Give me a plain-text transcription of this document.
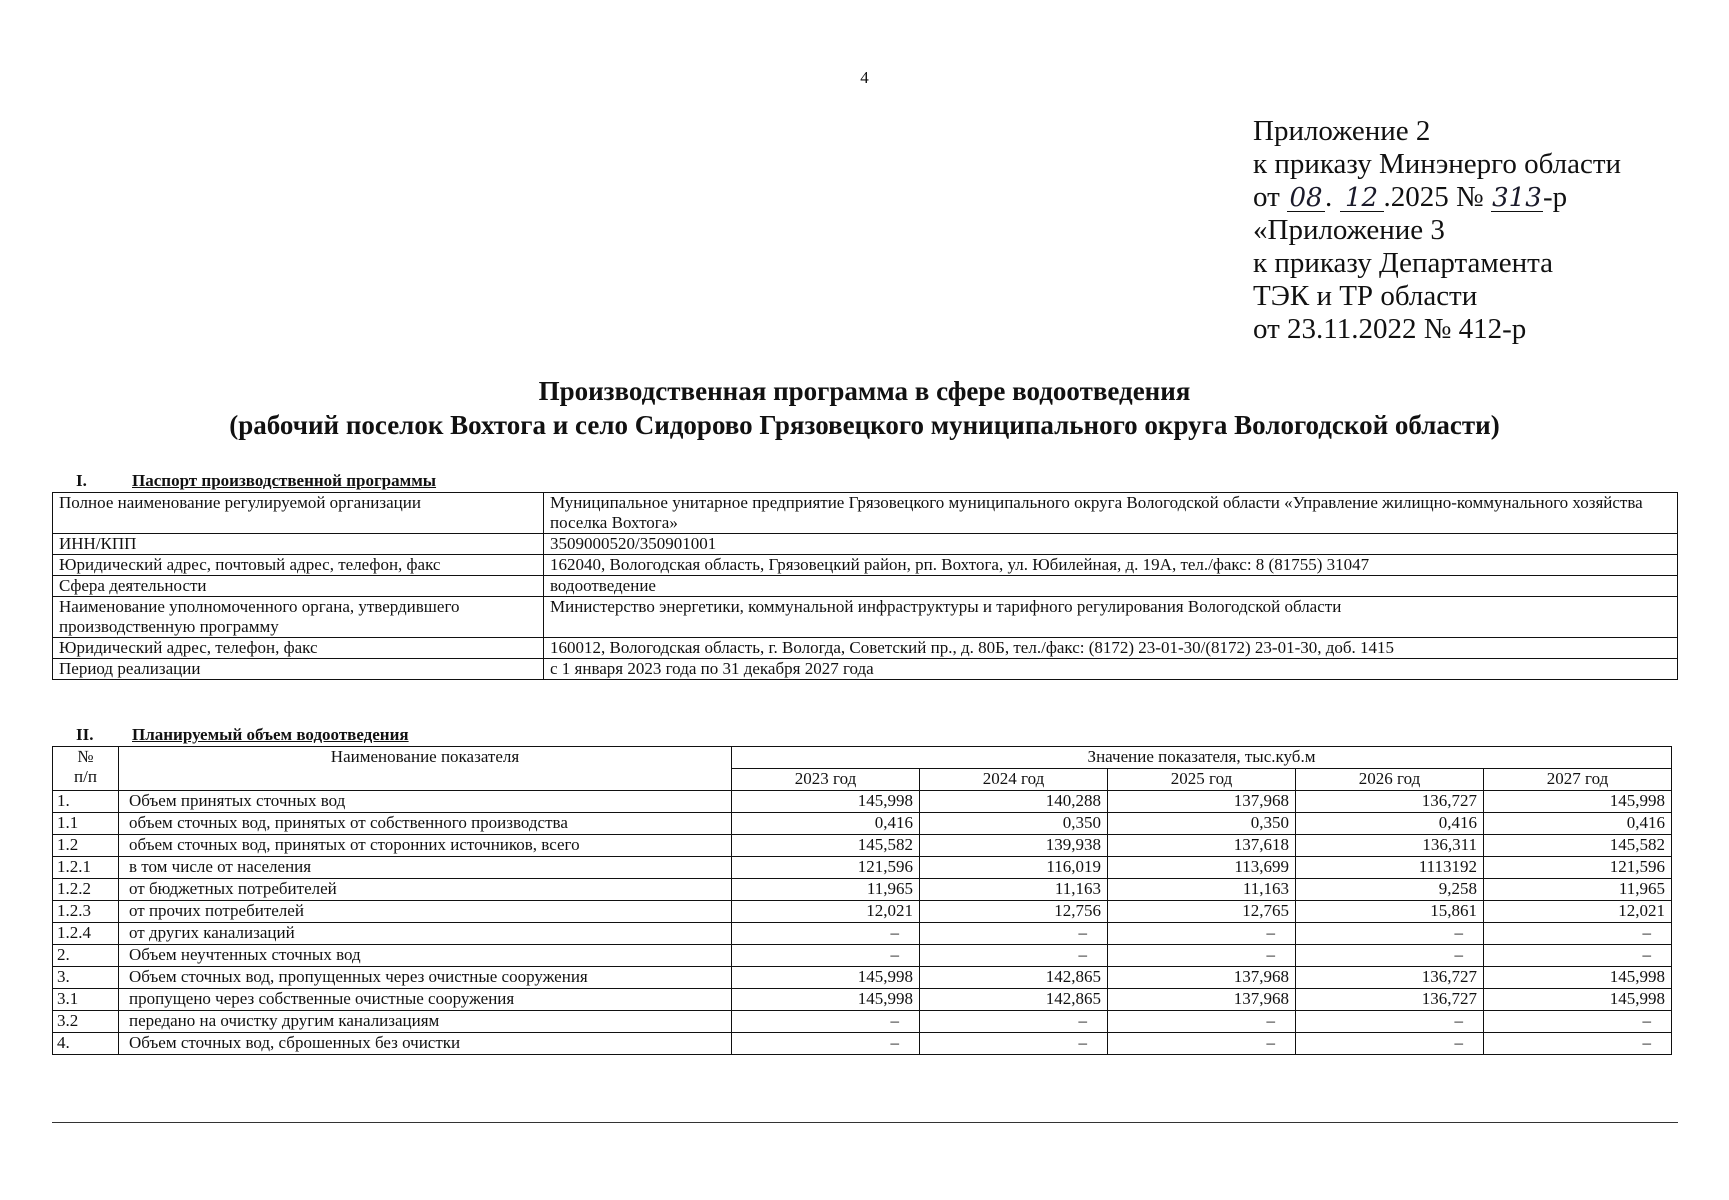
4
Приложение 2
к приказу Минэнерго области
от 08. 12 .2025 № 313-р
«Приложение 3
к приказу Департамента
ТЭК и ТР области
от 23.11.2022 № 412-р
Производственная программа в сфере водоотведения
(рабочий поселок Вохтога и село Сидорово Грязовецкого муниципального округа Вологодской области)
I.	Паспорт производственной программы
Полное наименование регулируемой организации	Муниципальное унитарное предприятие Грязовецкого муниципального округа Вологодской области «Управление жилищно-коммунального хозяйства поселка Вохтога»
ИНН/КПП	3509000520/350901001
Юридический адрес, почтовый адрес, телефон, факс	162040, Вологодская область, Грязовецкий район, рп. Вохтога, ул. Юбилейная, д. 19А, тел./факс: 8 (81755) 31047
Сфера деятельности	водоотведение
Наименование уполномоченного органа, утвердившего производственную программу	Министерство энергетики, коммунальной инфраструктуры и тарифного регулирования Вологодской области
Юридический адрес, телефон, факс	160012, Вологодская область, г. Вологда, Советский пр., д. 80Б, тел./факс: (8172) 23-01-30/(8172) 23-01-30, доб. 1415
Период реализации	с 1 января 2023 года по 31 декабря 2027 года
II. Планируемый объем водоотведения
№
п/п	Наименование показателя	Значение показателя, тыс.куб.м				
		2023 год	2024 год	2025 год	2026 год	2027 год
1.	Объем принятых сточных вод	145,998	140,288	137,968	136,727	145,998
1.1	объем сточных вод, принятых от собственного производства	0,416	0,350	0,350	0,416	0,416
1.2	объем сточных вод, принятых от сторонних источников, всего	145,582	139,938	137,618	136,311	145,582
1.2.1	в том числе от населения	121,596	116,019	113,699	1113192	121,596
1.2.2	от бюджетных потребителей	11,965	11,163	11,163	9,258	11,965
1.2.3	от прочих потребителей	12,021	12,756	12,765	15,861	12,021
1.2.4	от других канализаций	–	–	–	–	–
2.	Объем неучтенных сточных вод	–	–	–	–	–
3.	Объем сточных вод, пропущенных через очистные сооружения	145,998	142,865	137,968	136,727	145,998
3.1	пропущено через собственные очистные сооружения	145,998	142,865	137,968	136,727	145,998
3.2	передано на очистку другим канализациям	–	–	–	–	–
4.	Объем сточных вод, сброшенных без очистки	–	–	–	–	–
